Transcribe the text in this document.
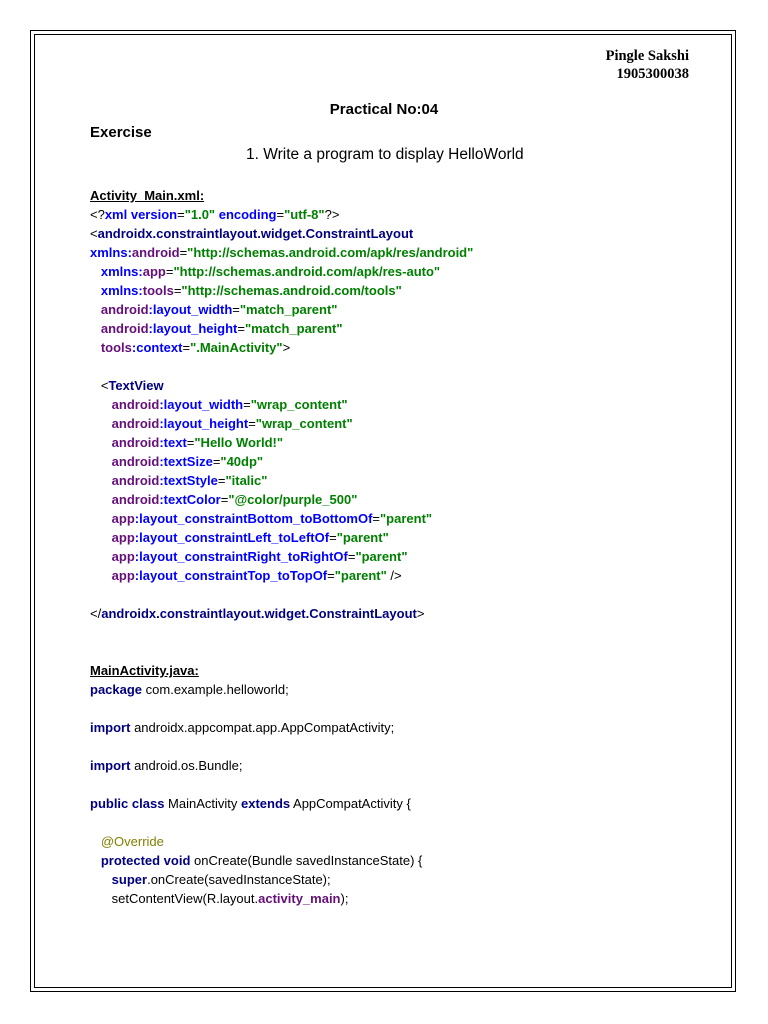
Pingle Sakshi
1905300038
Practical No:04
Exercise
1. Write a program to display HelloWorld
Activity_Main.xml:
<?xml version="1.0" encoding="utf-8"?>
<androidx.constraintlayout.widget.ConstraintLayout
xmlns:android="http://schemas.android.com/apk/res/android"
xmlns:app="http://schemas.android.com/apk/res-auto"
xmlns:tools="http://schemas.android.com/tools"
android:layout_width="match_parent"
android:layout_height="match_parent"
tools:context=".MainActivity">
<TextView
android:layout_width="wrap_content"
android:layout_height="wrap_content"
android:text="Hello World!"
android:textSize="40dp"
android:textStyle="italic"
android:textColor="@color/purple_500"
app:layout_constraintBottom_toBottomOf="parent"
app:layout_constraintLeft_toLeftOf="parent"
app:layout_constraintRight_toRightOf="parent"
app:layout_constraintTop_toTopOf="parent" />
</androidx.constraintlayout.widget.ConstraintLayout>
MainActivity.java:
package com.example.helloworld;
import androidx.appcompat.app.AppCompatActivity;
import android.os.Bundle;
public class MainActivity extends AppCompatActivity {
@Override
protected void onCreate(Bundle savedInstanceState) {
super.onCreate(savedInstanceState);
setContentView(R.layout.activity_main);
